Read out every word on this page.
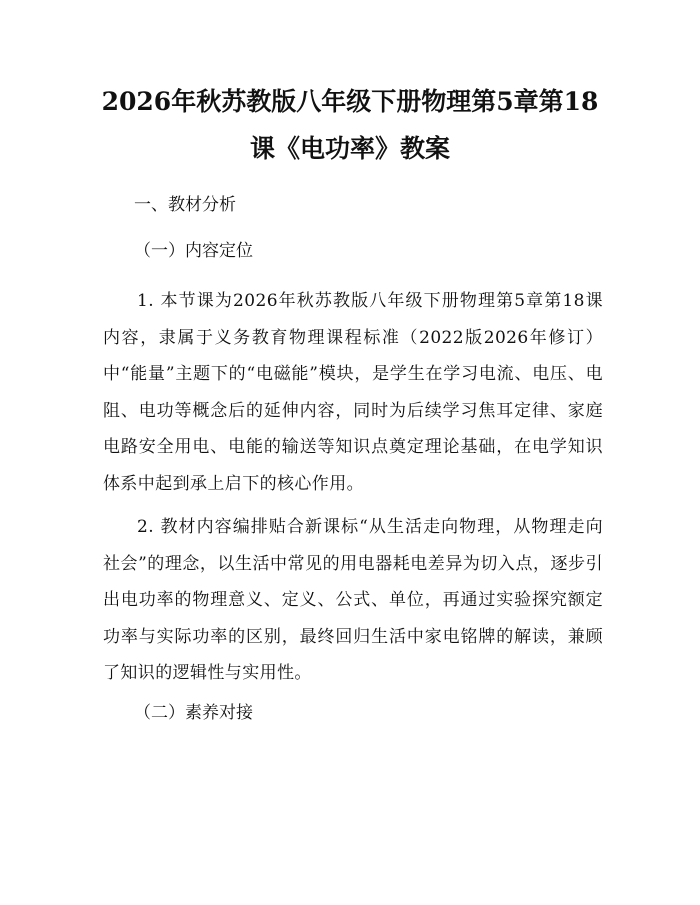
2026年秋苏教版八年级下册物理第5章第18
课《电功率》教案
一、教材分析
（一）内容定位
1. 本节课为2026年秋苏教版八年级下册物理第5章第18课内容，隶属于义务教育物理课程标准（2022版2026年修订）中“能量”主题下的“电磁能”模块，是学生在学习电流、电压、电阻、电功等概念后的延伸内容，同时为后续学习焦耳定律、家庭电路安全用电、电能的输送等知识点奠定理论基础，在电学知识体系中起到承上启下的核心作用。
2. 教材内容编排贴合新课标“从生活走向物理，从物理走向社会”的理念，以生活中常见的用电器耗电差异为切入点，逐步引出电功率的物理意义、定义、公式、单位，再通过实验探究额定功率与实际功率的区别，最终回归生活中家电铭牌的解读，兼顾了知识的逻辑性与实用性。
（二）素养对接
